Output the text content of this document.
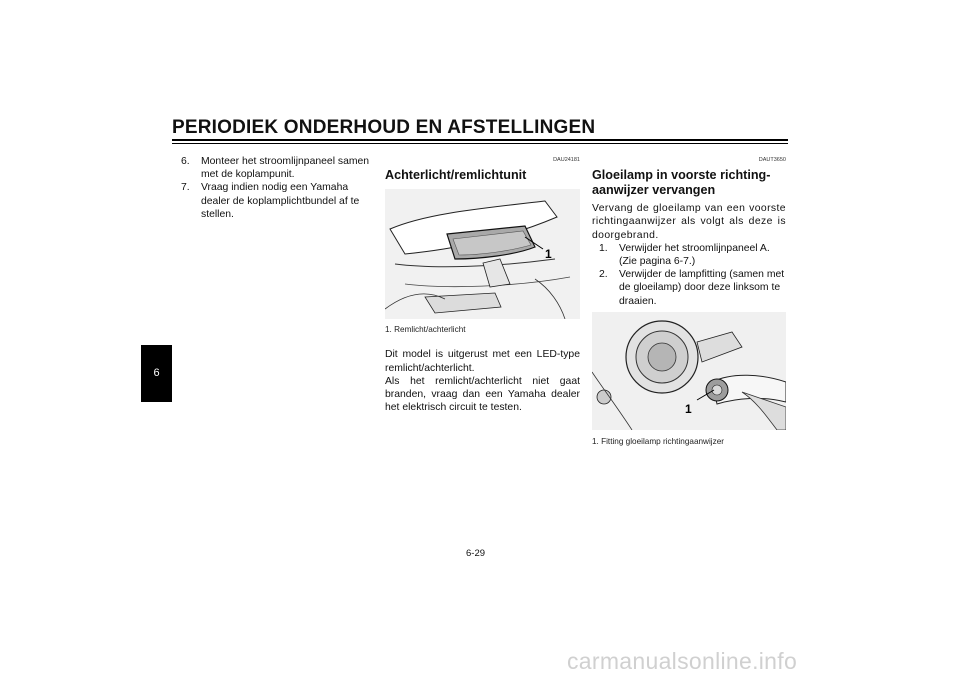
PERIODIEK ONDERHOUD EN AFSTELLINGEN
6
6. Monteer het stroomlijnpaneel samen met de koplampunit.
7. Vraag indien nodig een Yamaha dealer de koplamplichtbundel af te stellen.
DAU24181
Achterlicht/remlichtunit
1
1. Remlicht/achterlicht
Dit model is uitgerust met een LED-type remlicht/achterlicht.
Als het remlicht/achterlicht niet gaat branden, vraag dan een Yamaha dealer het elektrisch circuit te testen.
DAUT3650
Gloeilamp in voorste richtingaanwijzer vervangen
Vervang de gloeilamp van een voorste richtingaanwijzer als volgt als deze is doorgebrand.
1. Verwijder het stroomlijnpaneel A. (Zie pagina 6-7.)
2. Verwijder de lampfitting (samen met de gloeilamp) door deze linksom te draaien.
1
1. Fitting gloeilamp richtingaanwijzer
6-29
carmanualsonline.info
